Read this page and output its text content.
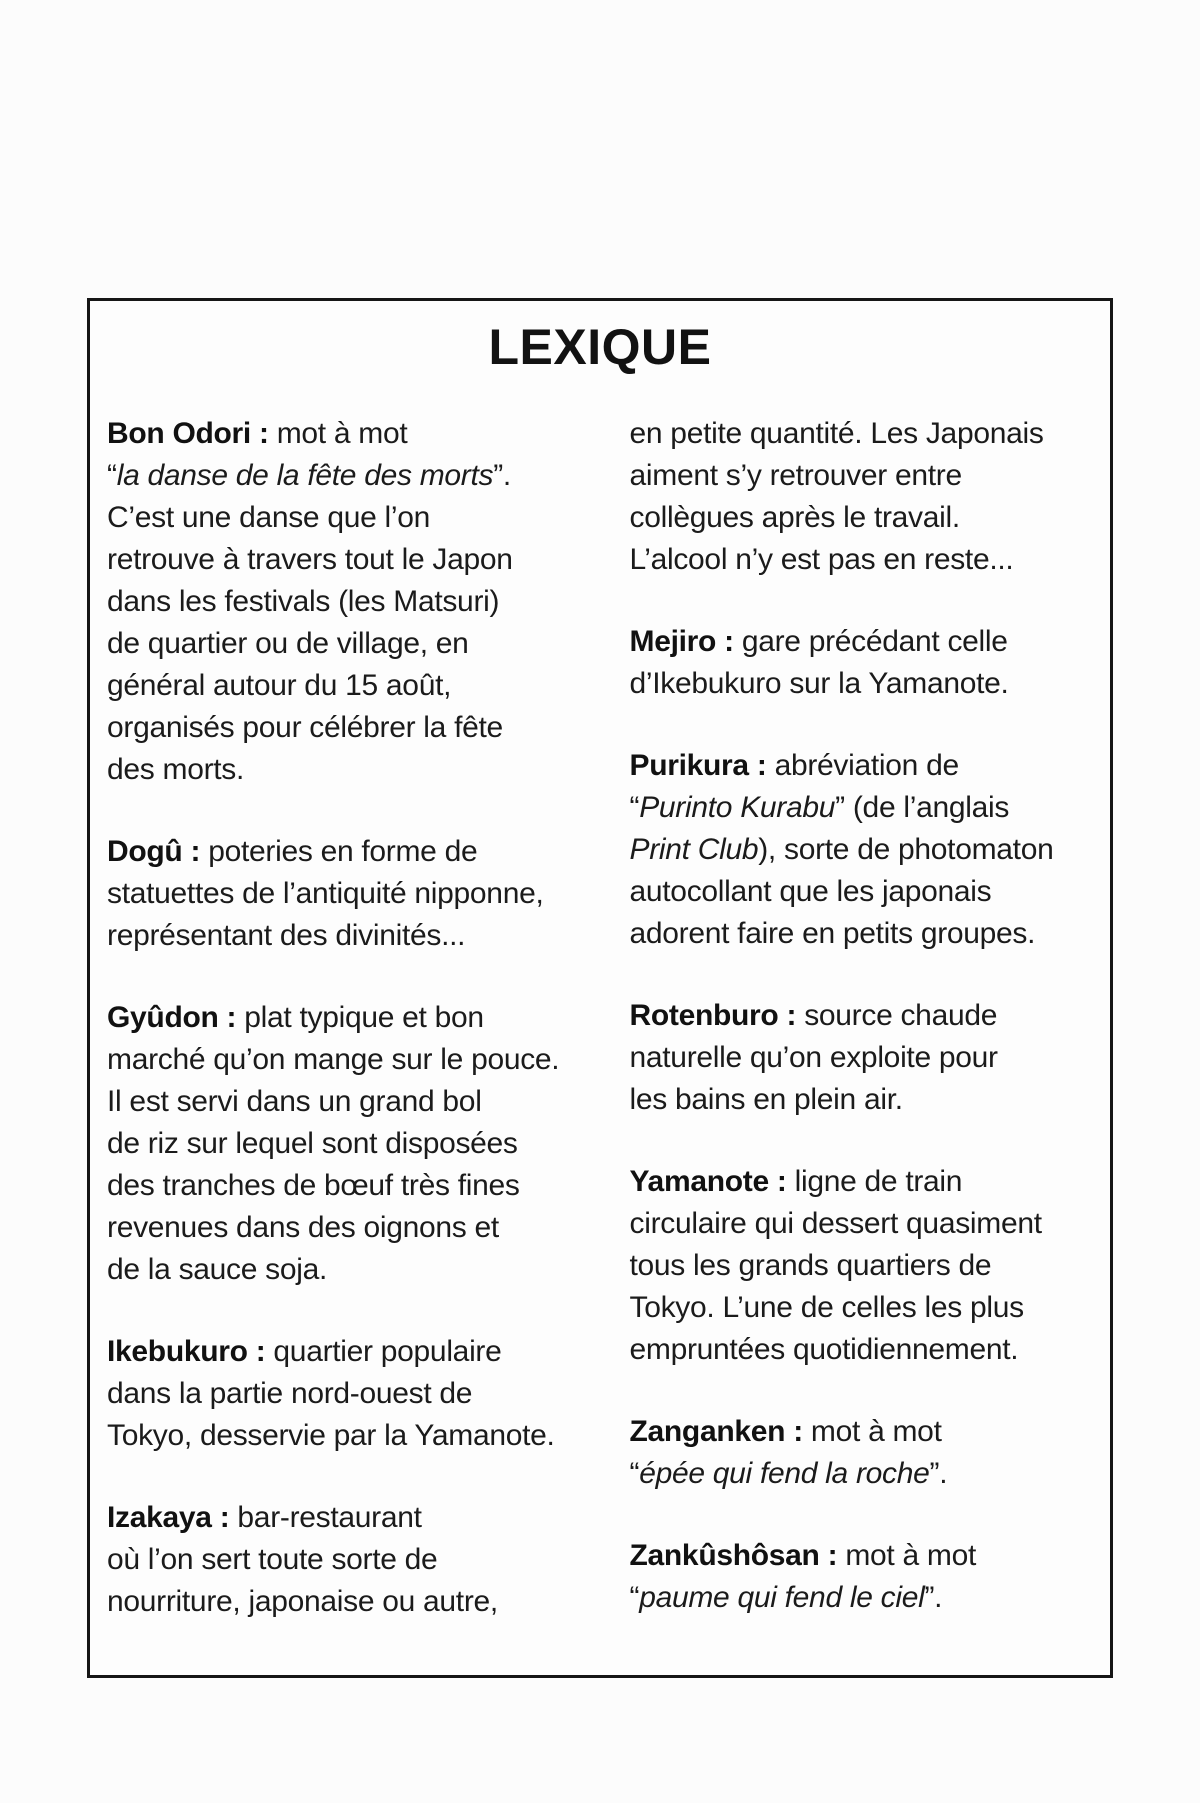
LEXIQUE

Bon Odori : mot à mot
“la danse de la fête des morts”.
C’est une danse que l’on
retrouve à travers tout le Japon
dans les festivals (les Matsuri)
de quartier ou de village, en
général autour du 15 août,
organisés pour célébrer la fête
des morts.

Dogû : poteries en forme de
statuettes de l’antiquité nipponne,
représentant des divinités...

Gyûdon : plat typique et bon
marché qu’on mange sur le pouce.
Il est servi dans un grand bol
de riz sur lequel sont disposées
des tranches de bœuf très fines
revenues dans des oignons et
de la sauce soja.

Ikebukuro : quartier populaire
dans la partie nord-ouest de
Tokyo, desservie par la Yamanote.

Izakaya : bar-restaurant
où l’on sert toute sorte de
nourriture, japonaise ou autre,

en petite quantité. Les Japonais
aiment s’y retrouver entre
collègues après le travail.
L’alcool n’y est pas en reste...

Mejiro : gare précédant celle
d’Ikebukuro sur la Yamanote.

Purikura : abréviation de
“Purinto Kurabu” (de l’anglais
Print Club), sorte de photomaton
autocollant que les japonais
adorent faire en petits groupes.

Rotenburo : source chaude
naturelle qu’on exploite pour
les bains en plein air.

Yamanote : ligne de train
circulaire qui dessert quasiment
tous les grands quartiers de
Tokyo. L’une de celles les plus
empruntées quotidiennement.

Zanganken : mot à mot
“épée qui fend la roche”.

Zankûshôsan : mot à mot
“paume qui fend le ciel”.
